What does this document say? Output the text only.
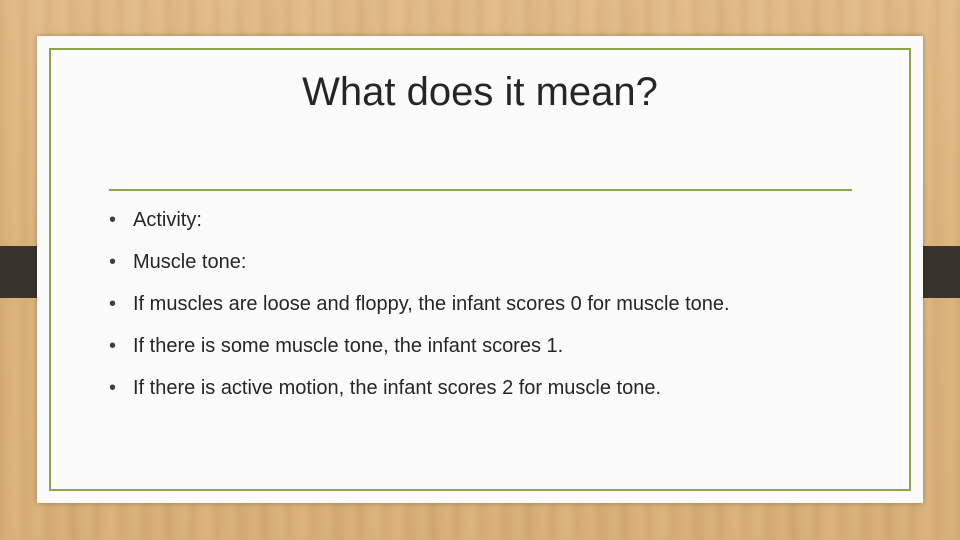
What does it mean?
• Activity:
• Muscle tone:
• If muscles are loose and floppy, the infant scores 0 for muscle tone.
• If there is some muscle tone, the infant scores 1.
• If there is active motion, the infant scores 2 for muscle tone.
